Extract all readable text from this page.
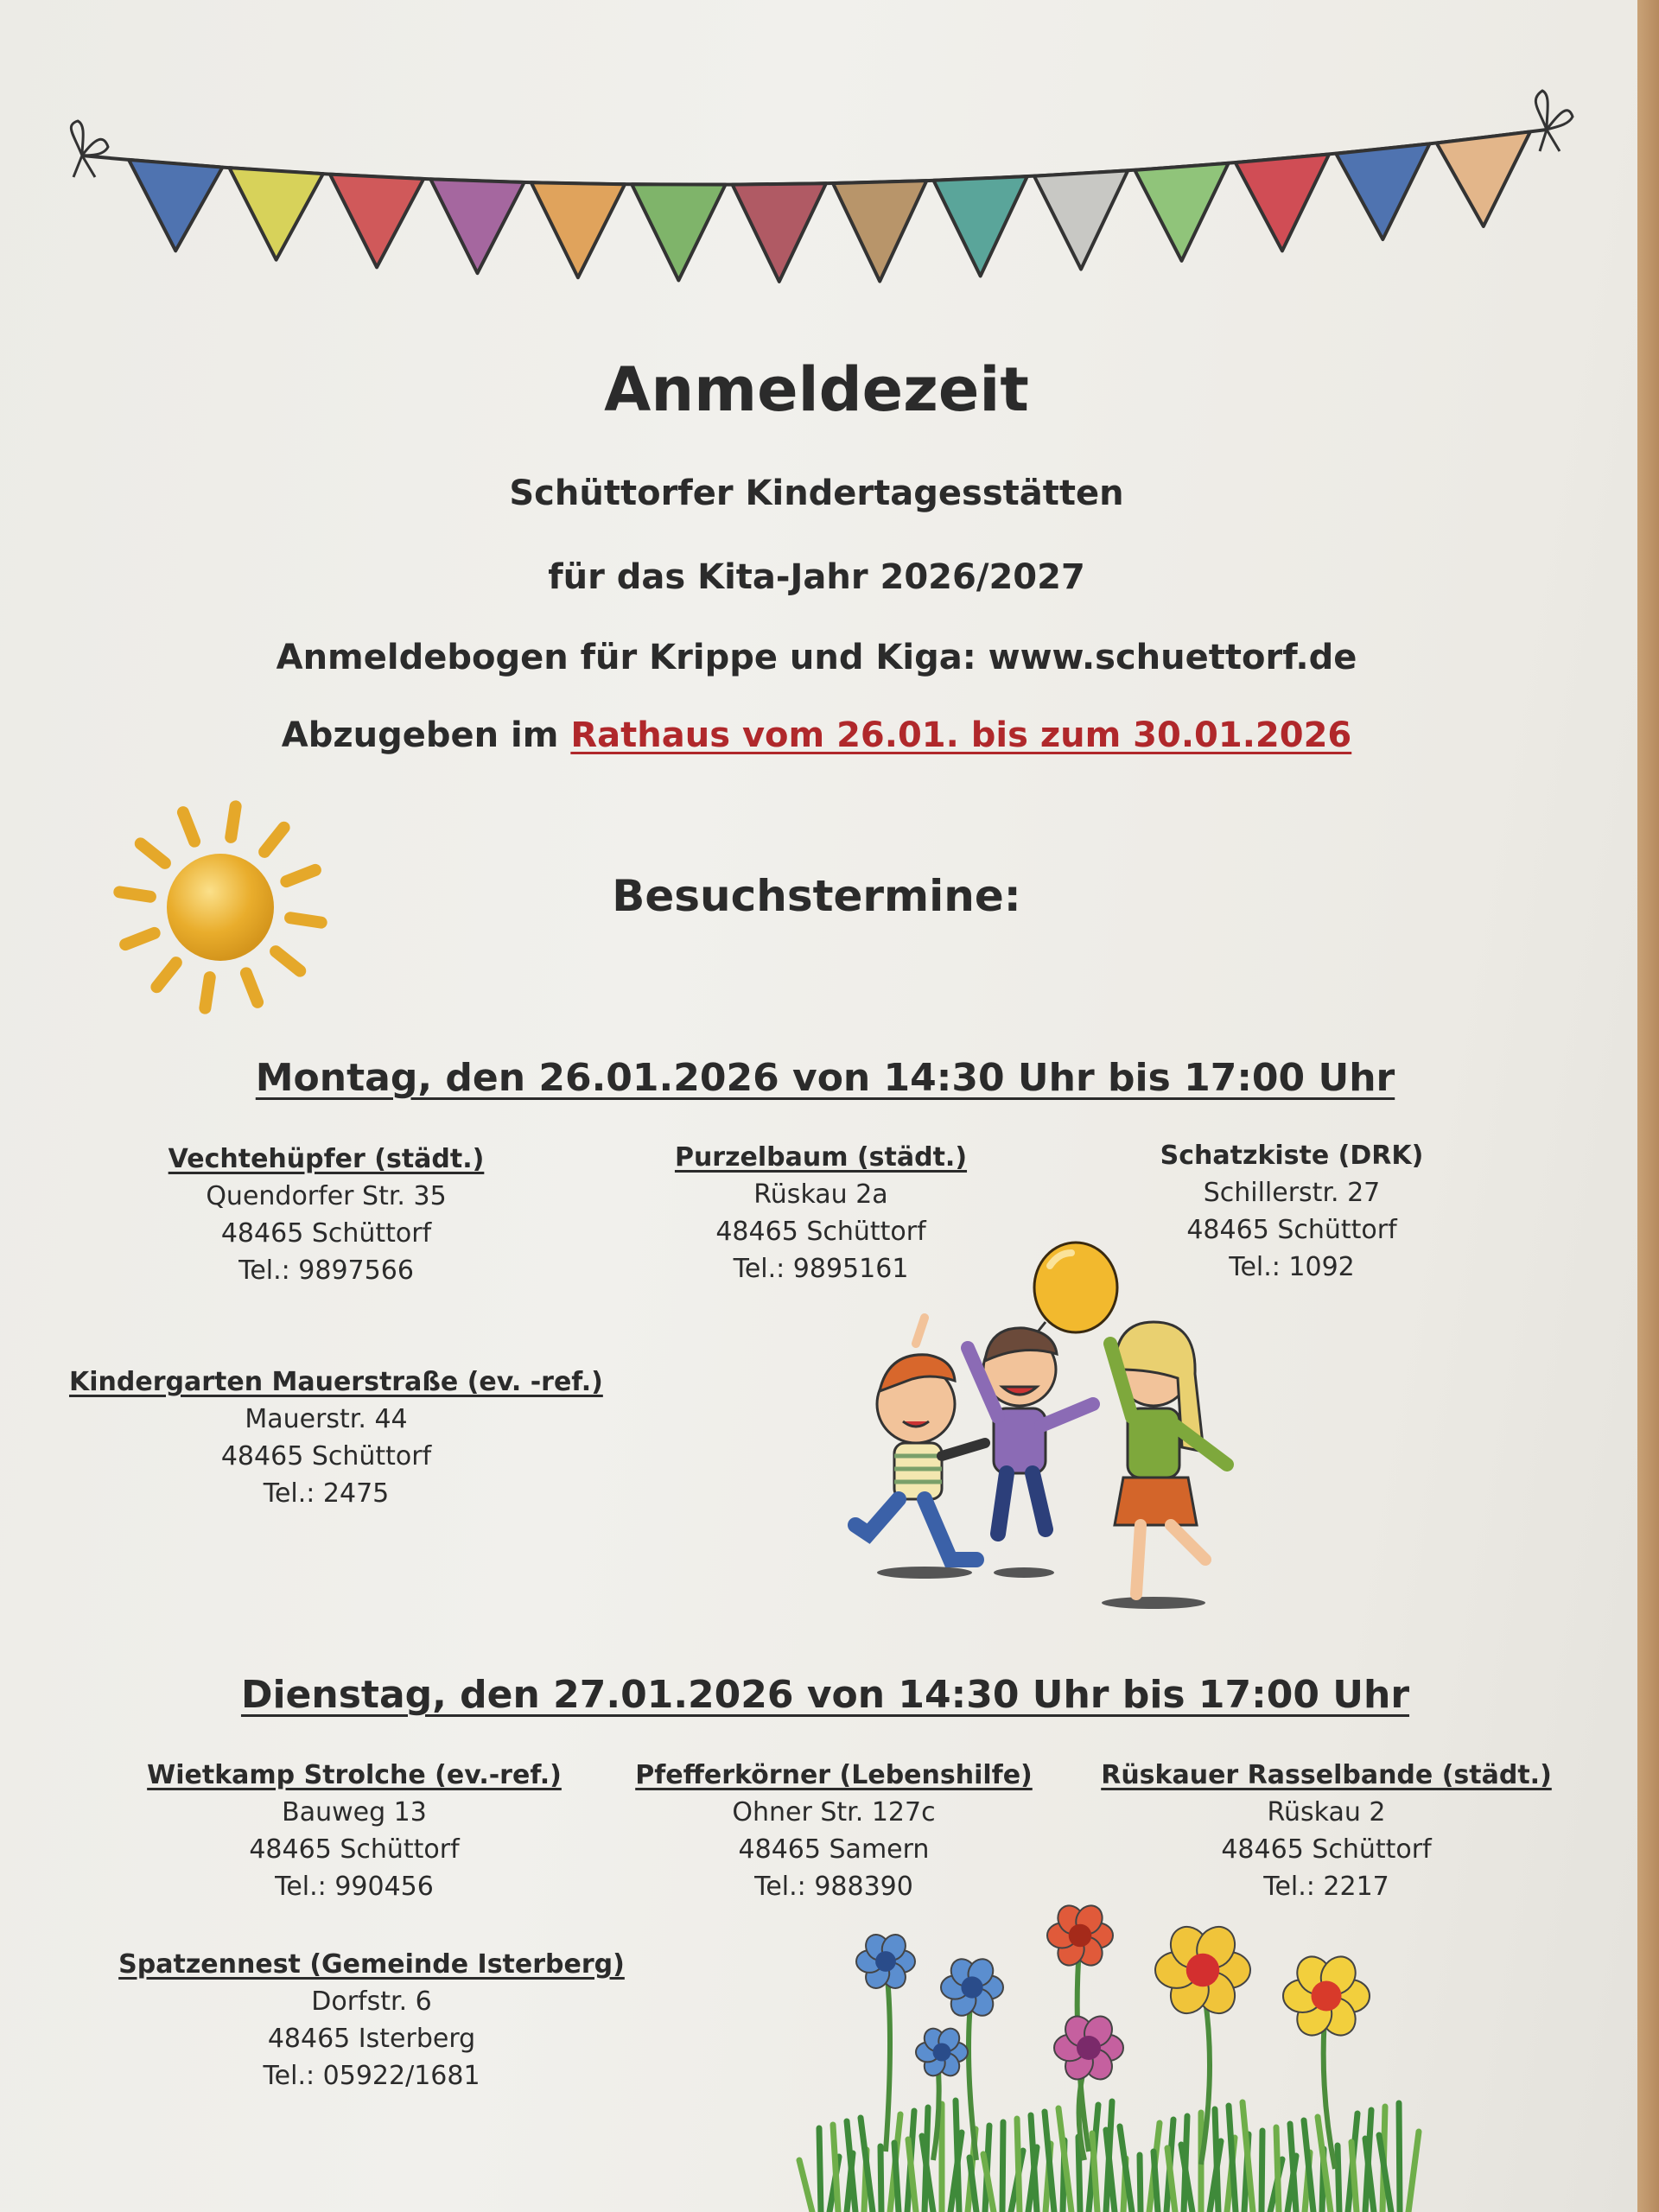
Anmeldezeit
Schüttorfer Kindertagesstätten
für das Kita-Jahr 2026/2027
Anmeldebogen für Krippe und Kiga: www.schuettorf.de
Abzugeben im Rathaus vom 26.01. bis zum 30.01.2026
Besuchstermine:
Montag, den 26.01.2026 von 14:30 Uhr bis 17:00 Uhr
Vechtehüpfer (städt.)
Quendorfer Str. 35
48465 Schüttorf
Tel.: 9897566
Purzelbaum (städt.)
Rüskau 2a
48465 Schüttorf
Tel.: 9895161
Schatzkiste (DRK)
Schillerstr. 27
48465 Schüttorf
Tel.: 1092
Kindergarten Mauerstraße (ev. -ref.)
Mauerstr. 44
48465 Schüttorf
Tel.: 2475
Dienstag, den 27.01.2026 von 14:30 Uhr bis 17:00 Uhr
Wietkamp Strolche (ev.-ref.)
Bauweg 13
48465 Schüttorf
Tel.: 990456
Pfefferkörner (Lebenshilfe)
Ohner Str. 127c
48465 Samern
Tel.: 988390
Rüskauer Rasselbande (städt.)
Rüskau 2
48465 Schüttorf
Tel.: 2217
Spatzennest (Gemeinde Isterberg)
Dorfstr. 6
48465 Isterberg
Tel.: 05922/1681
